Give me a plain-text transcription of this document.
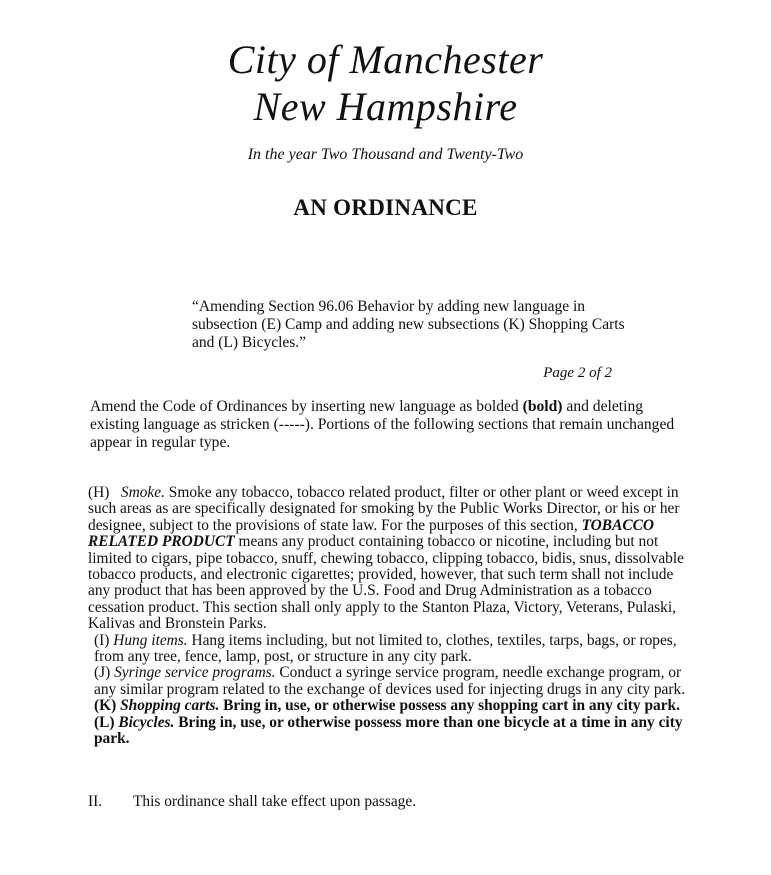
City of Manchester
New Hampshire
In the year Two Thousand and Twenty-Two
AN ORDINANCE
“Amending Section 96.06 Behavior by adding new language in subsection (E) Camp and adding new subsections (K) Shopping Carts and (L) Bicycles.”
Page 2 of 2
Amend the Code of Ordinances by inserting new language as bolded (bold) and deleting existing language as stricken (-----). Portions of the following sections that remain unchanged appear in regular type.

(H) Smoke. Smoke any tobacco, tobacco related product, filter or other plant or weed except in such areas as are specifically designated for smoking by the Public Works Director, or his or her designee, subject to the provisions of state law. For the purposes of this section, TOBACCO RELATED PRODUCT means any product containing tobacco or nicotine, including but not limited to cigars, pipe tobacco, snuff, chewing tobacco, clipping tobacco, bidis, snus, dissolvable tobacco products, and electronic cigarettes; provided, however, that such term shall not include any product that has been approved by the U.S. Food and Drug Administration as a tobacco cessation product. This section shall only apply to the Stanton Plaza, Victory, Veterans, Pulaski, Kalivas and Bronstein Parks.

(I) Hung items. Hang items including, but not limited to, clothes, textiles, tarps, bags, or ropes, from any tree, fence, lamp, post, or structure in any city park.

(J) Syringe service programs. Conduct a syringe service program, needle exchange program, or any similar program related to the exchange of devices used for injecting drugs in any city park.

(K) Shopping carts. Bring in, use, or otherwise possess any shopping cart in any city park.

(L) Bicycles. Bring in, use, or otherwise possess more than one bicycle at a time in any city park.

II. This ordinance shall take effect upon passage.
